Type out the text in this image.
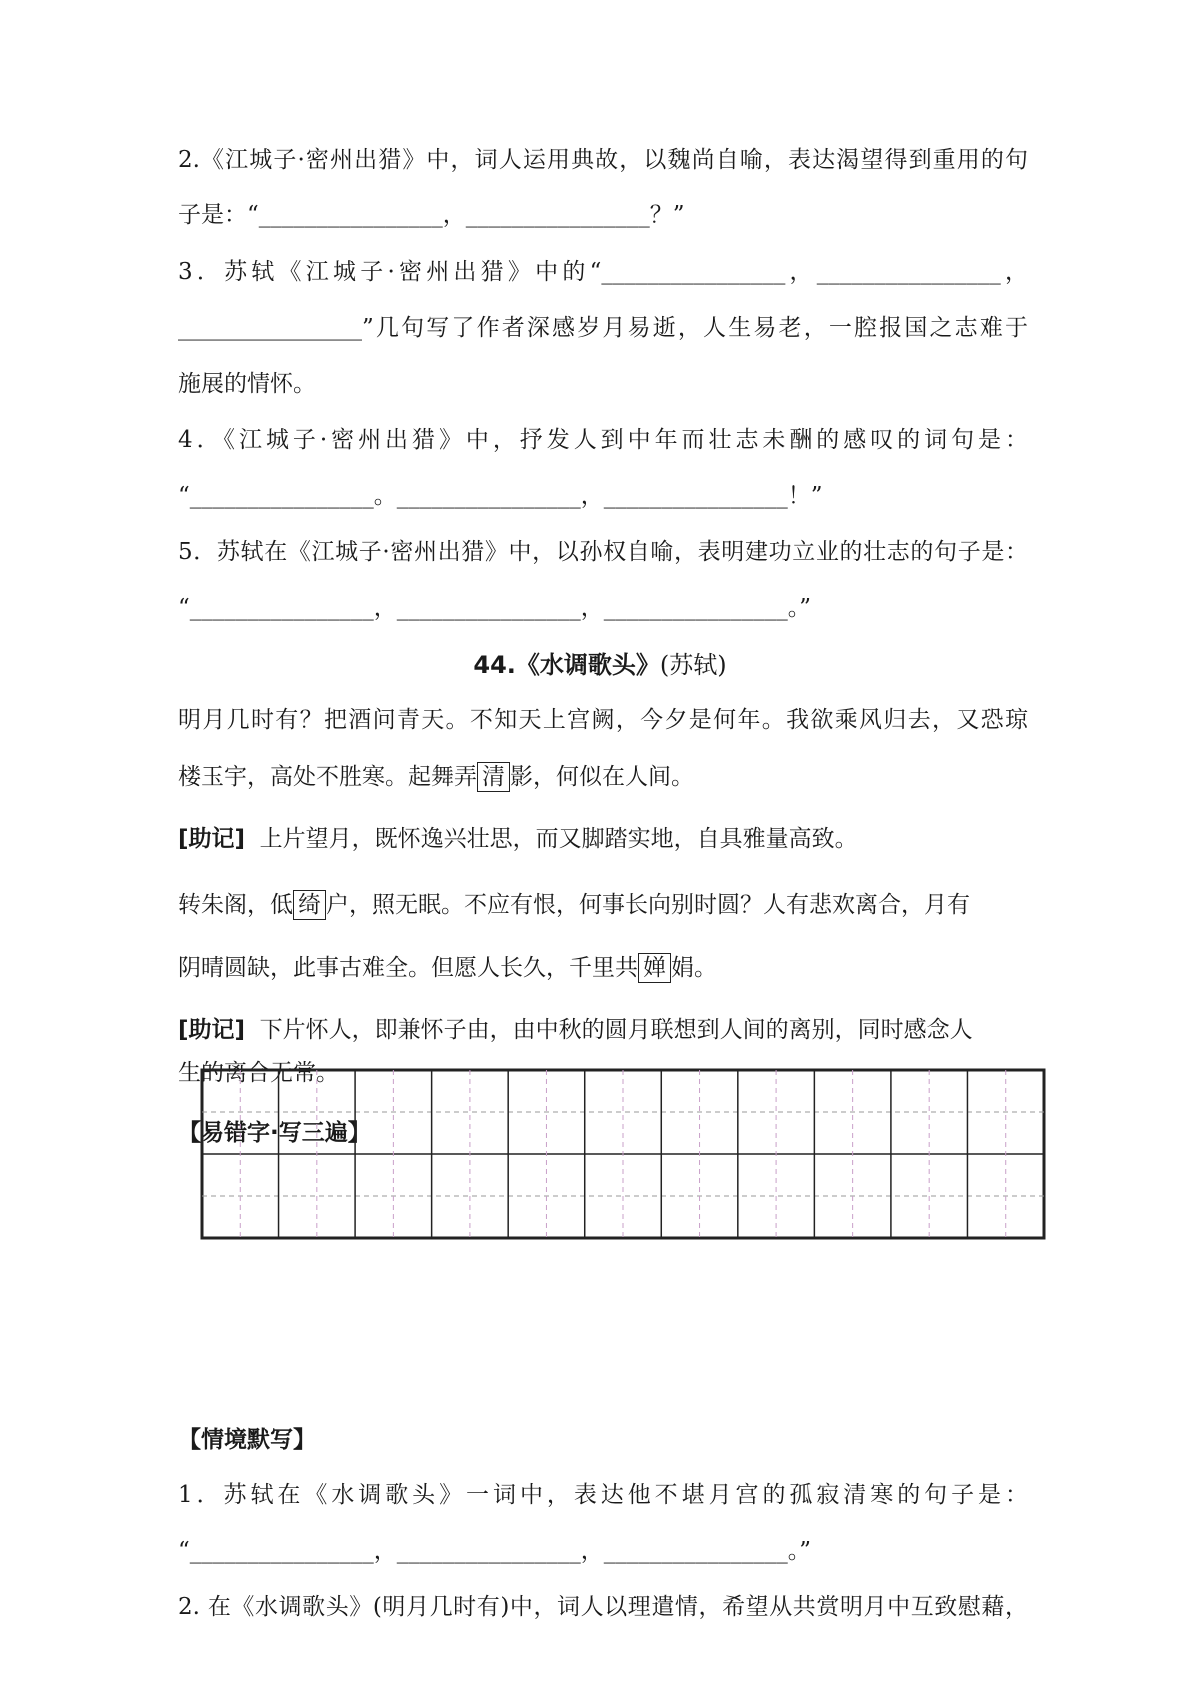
2.《江城子·密州出猎》中，词人运用典故，以魏尚自喻，表达渴望得到重用的句
子是：“________________，________________？”
3．苏轼《江城子·密州出猎》中的“________________，________________，
________________”几句写了作者深感岁月易逝，人生易老，一腔报国之志难于
施展的情怀。
4．《江城子·密州出猎》中，抒发人到中年而壮志未酬的感叹的词句是：
“________________。________________，________________！”
5．苏轼在《江城子·密州出猎》中，以孙权自喻，表明建功立业的壮志的句子是：
“________________，________________，________________。”
44.《水调歌头》(苏轼)
明月几时有？把酒问青天。不知天上宫阙，今夕是何年。我欲乘风归去，又恐琼
楼玉宇，高处不胜寒。起舞弄 清 影，何似在人间。
[助记] 上片望月，既怀逸兴壮思，而又脚踏实地，自具雅量高致。
转朱阁，低 绮 户，照无眠。不应有恨，何事长向别时圆？人有悲欢离合，月有
阴晴圆缺，此事古难全。但愿人长久，千里共 婵 娟。
[助记] 下片怀人，即兼怀子由，由中秋的圆月联想到人间的离别，同时感念人
生的离合无常。
【易错字·写三遍】
【情境默写】
1．苏轼在《水调歌头》一词中，表达他不堪月宫的孤寂清寒的句子是：
“________________，________________，________________。”
2. 在《水调歌头》(明月几时有)中，词人以理遣情，希望从共赏明月中互致慰藉，
